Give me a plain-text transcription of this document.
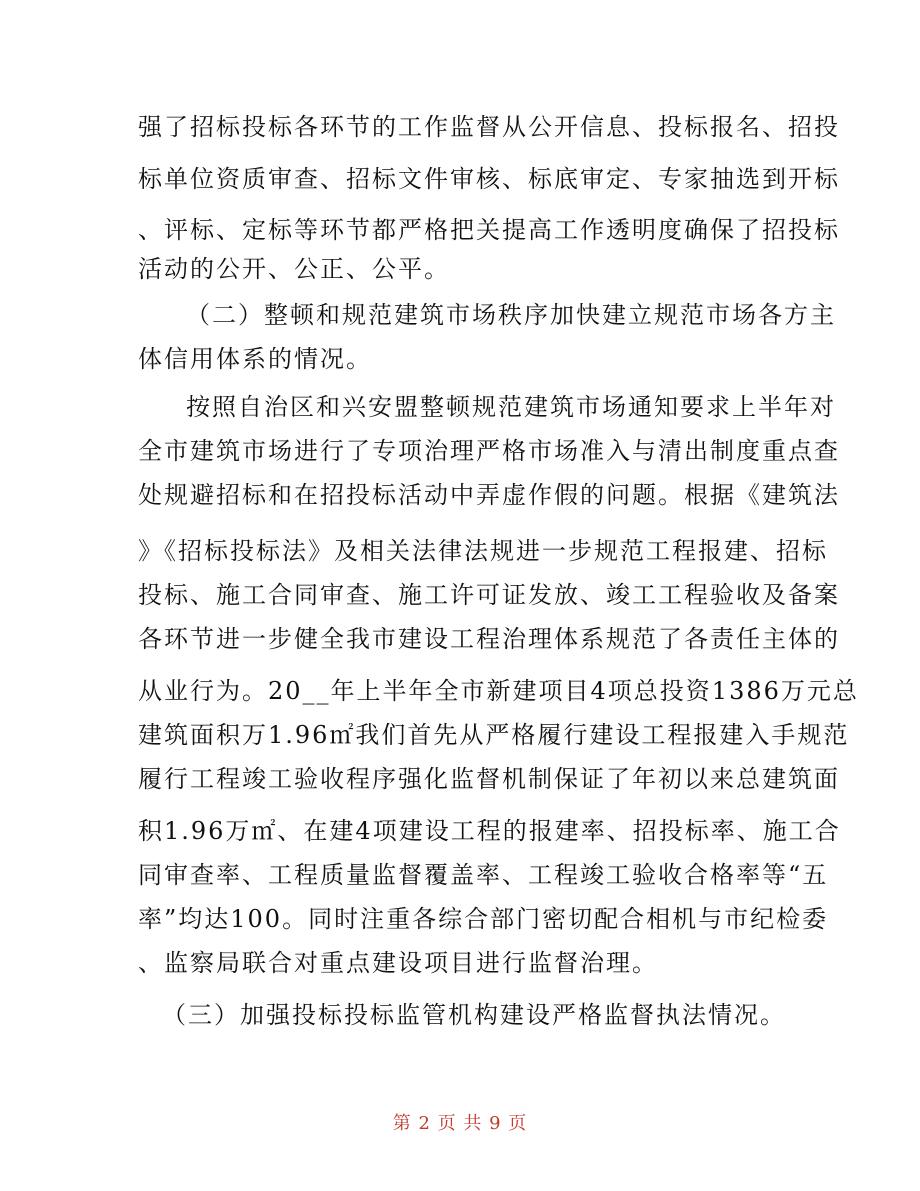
强了招标投标各环节的工作监督从公开信息、投标报名、招投
标单位资质审查、招标文件审核、标底审定、专家抽选到开标
、评标、定标等环节都严格把关提高工作透明度确保了招投标
活动的公开、公正、公平。
（二）整顿和规范建筑市场秩序加快建立规范市场各方主
体信用体系的情况。
按照自治区和兴安盟整顿规范建筑市场通知要求上半年对
全市建筑市场进行了专项治理严格市场准入与清出制度重点查
处规避招标和在招投标活动中弄虚作假的问题。根据《建筑法
》《招标投标法》及相关法律法规进一步规范工程报建、招标
投标、施工合同审查、施工许可证发放、竣工工程验收及备案
各环节进一步健全我市建设工程治理体系规范了各责任主体的
从业行为。20__年上半年全市新建项目4项总投资1386万元总
建筑面积万1.96㎡我们首先从严格履行建设工程报建入手规范
履行工程竣工验收程序强化监督机制保证了年初以来总建筑面
积1.96万㎡、在建4项建设工程的报建率、招投标率、施工合
同审查率、工程质量监督覆盖率、工程竣工验收合格率等“五
率”均达100。同时注重各综合部门密切配合相机与市纪检委
、监察局联合对重点建设项目进行监督治理。
（三）加强投标投标监管机构建设严格监督执法情况。
第 2 页 共 9 页
